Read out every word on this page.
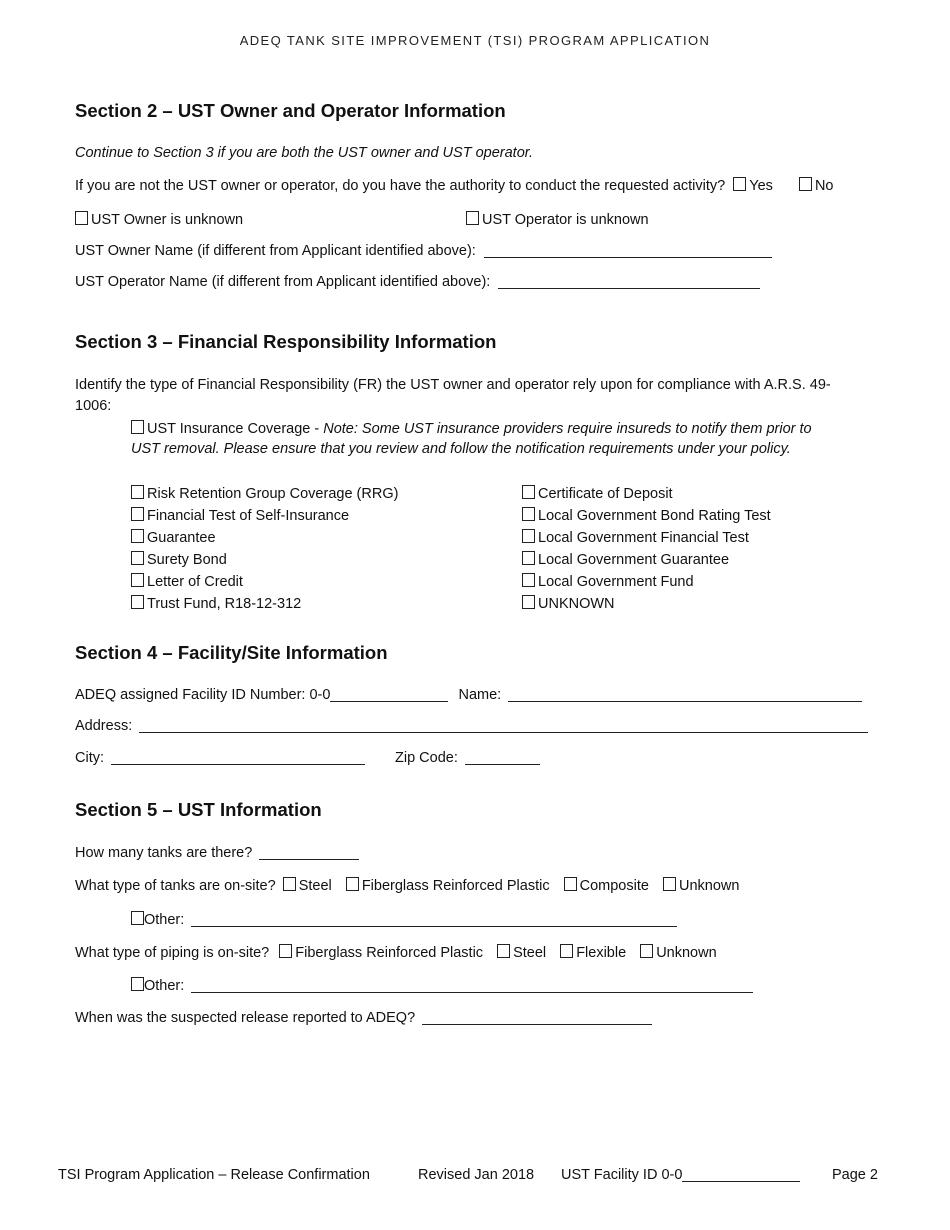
ADEQ TANK SITE IMPROVEMENT (TSI) PROGRAM APPLICATION
Section 2 – UST Owner and Operator Information
Continue to Section 3 if you are both the UST owner and UST operator.
If you are not the UST owner or operator, do you have the authority to conduct the requested activity? Yes	No
UST Owner is unknown	UST Operator is unknown
UST Owner Name (if different from Applicant identified above):
UST Operator Name (if different from Applicant identified above):
Section 3 – Financial Responsibility Information
Identify the type of Financial Responsibility (FR) the UST owner and operator rely upon for compliance with A.R.S. 49-
1006:
UST Insurance Coverage - Note: Some UST insurance providers require insureds to notify them prior to
UST removal. Please ensure that you review and follow the notification requirements under your policy.
Risk Retention Group Coverage (RRG)
Financial Test of Self-Insurance
Guarantee
Surety Bond
Letter of Credit
Trust Fund, R18-12-312
Certificate of Deposit
Local Government Bond Rating Test
Local Government Financial Test
Local Government Guarantee
Local Government Fund
UNKNOWN
Section 4 – Facility/Site Information
ADEQ assigned Facility ID Number: 0-0	Name:
Address:
City:	Zip Code:
Section 5 – UST Information
How many tanks are there?
What type of tanks are on-site? Steel Fiberglass Reinforced Plastic Composite Unknown
Other:
What type of piping is on-site? Fiberglass Reinforced Plastic Steel Flexible Unknown
Other:
When was the suspected release reported to ADEQ?
TSI Program Application – Release Confirmation	Revised Jan 2018 UST Facility ID 0-0	Page 2
